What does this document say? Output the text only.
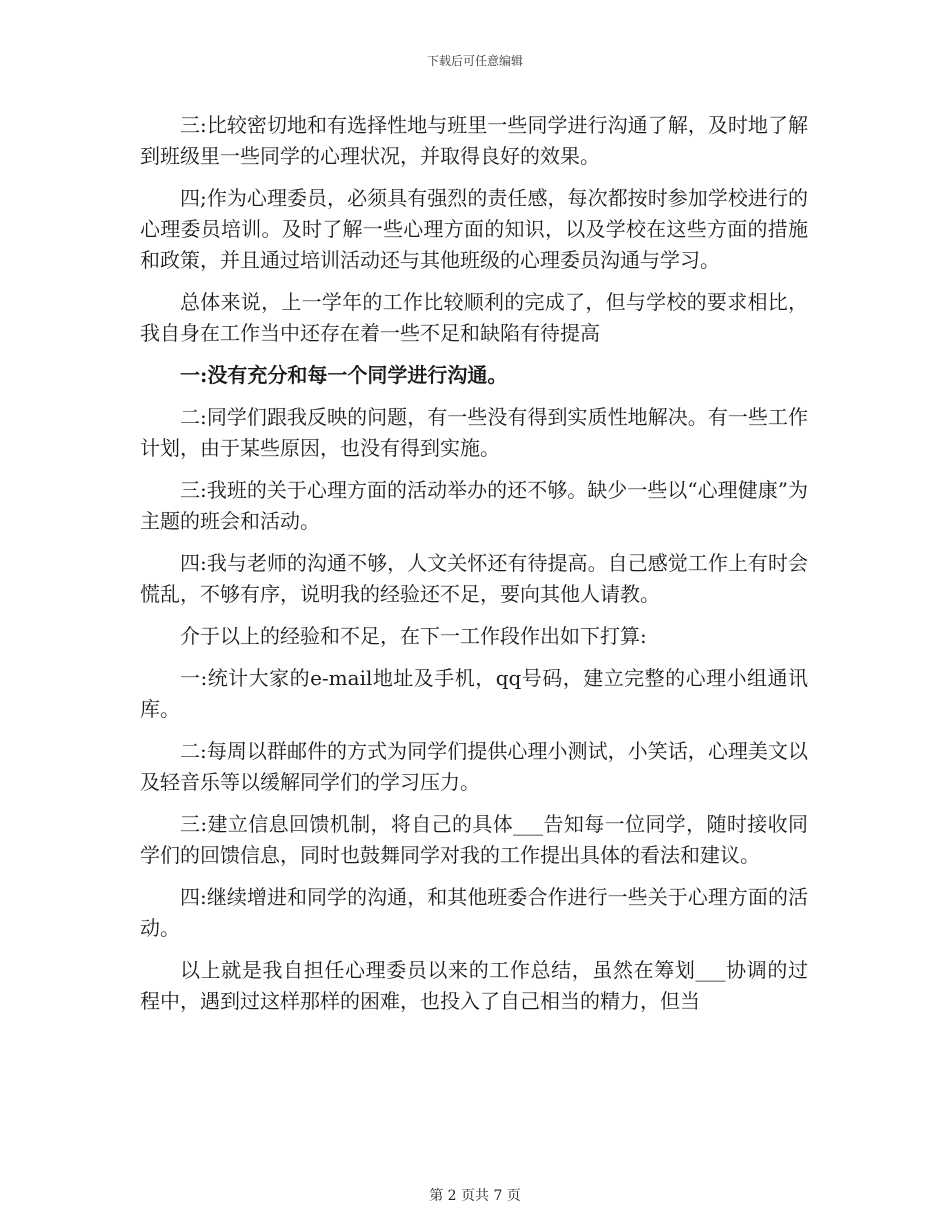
下载后可任意编辑

三:比较密切地和有选择性地与班里一些同学进行沟通了解，及时地了解到班级里一些同学的心理状况，并取得良好的效果。

四;作为心理委员，必须具有强烈的责任感，每次都按时参加学校进行的心理委员培训。及时了解一些心理方面的知识，以及学校在这些方面的措施和政策，并且通过培训活动还与其他班级的心理委员沟通与学习。

总体来说，上一学年的工作比较顺利的完成了，但与学校的要求相比，我自身在工作当中还存在着一些不足和缺陷有待提高

一:没有充分和每一个同学进行沟通。

二:同学们跟我反映的问题，有一些没有得到实质性地解决。有一些工作计划，由于某些原因，也没有得到实施。

三:我班的关于心理方面的活动举办的还不够。缺少一些以“心理健康”为主题的班会和活动。

四:我与老师的沟通不够，人文关怀还有待提高。自己感觉工作上有时会慌乱，不够有序，说明我的经验还不足，要向其他人请教。

介于以上的经验和不足，在下一工作段作出如下打算:

一:统计大家的e-mail地址及手机，qq号码，建立完整的心理小组通讯库。

二:每周以群邮件的方式为同学们提供心理小测试，小笑话，心理美文以及轻音乐等以缓解同学们的学习压力。

三:建立信息回馈机制，将自己的具体___告知每一位同学，随时接收同学们的回馈信息，同时也鼓舞同学对我的工作提出具体的看法和建议。

四:继续增进和同学的沟通，和其他班委合作进行一些关于心理方面的活动。

以上就是我自担任心理委员以来的工作总结，虽然在筹划___协调的过程中，遇到过这样那样的困难，也投入了自己相当的精力，但当

第 2 页共 7 页
